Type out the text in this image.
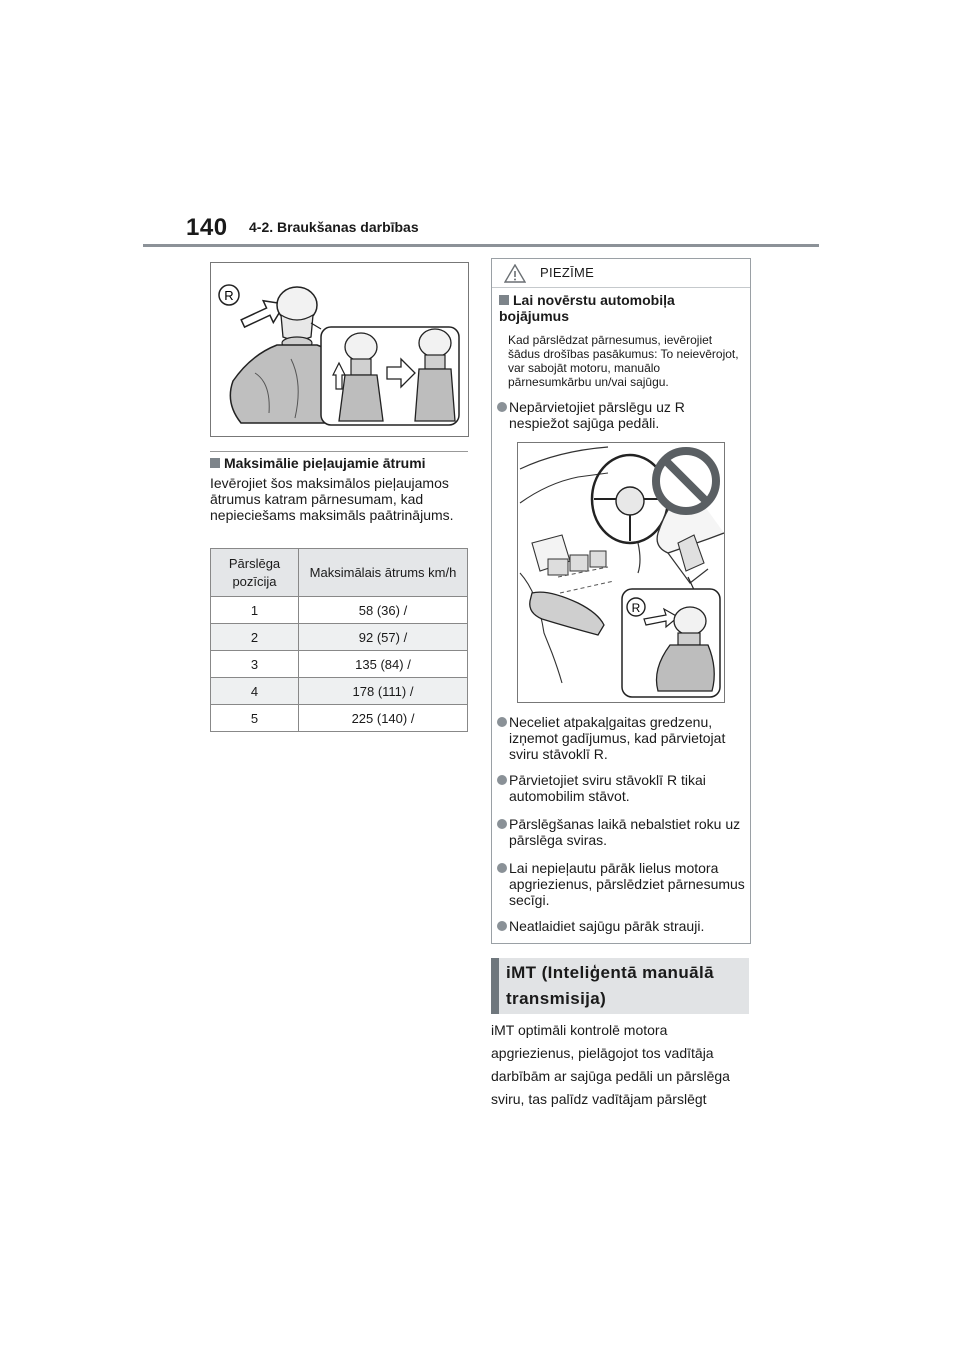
140 4-2. Braukšanas darbības
R
Maksimālie pieļaujamie ātrumi
Ievērojiet šos maksimālos pieļaujamos ātrumus katram pārnesumam, kad nepieciešams maksimāls paātrinājums.
Pārslēga pozīcija	Maksimālais ātrums km/h
1	58 (36) /
2	92 (57) /
3	135 (84) /
4	178 (111) /
5	225 (140) /
PIEZĪME
Lai novērstu automobiļa bojājumus
Kad pārslēdzat pārnesumus, ievērojiet šādus drošības pasākumus: To neievērojot, var sabojāt motoru, manuālo pārnesumkārbu un/vai sajūgu.
Nepārvietojiet pārslēgu uz R nespiežot sajūga pedāli.
R
Neceliet atpakaļgaitas gredzenu, izņemot gadījumus, kad pārvietojat sviru stāvoklī R.
Pārvietojiet sviru stāvoklī R tikai automobilim stāvot.
Pārslēgšanas laikā nebalstiet roku uz pārslēga sviras.
Lai nepieļautu pārāk lielus motora apgriezienus, pārslēdziet pārnesumus secīgi.
Neatlaidiet sajūgu pārāk strauji.
iMT (Inteliģentā manuālā transmisija)
iMT optimāli kontrolē motora apgriezienus, pielāgojot tos vadītāja darbībām ar sajūga pedāli un pārslēga sviru, tas palīdz vadītājam pārslēgt
